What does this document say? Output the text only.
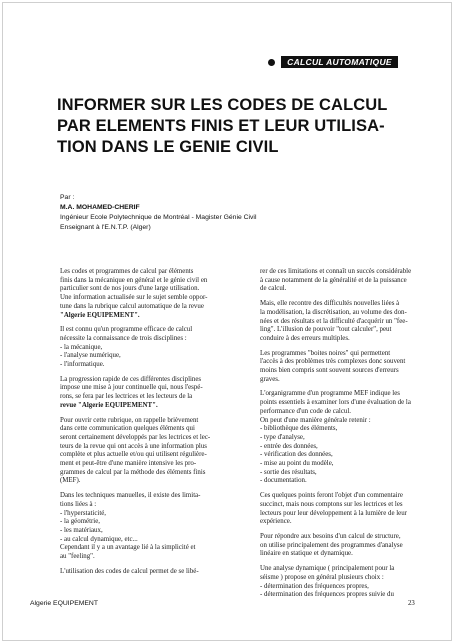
CALCUL AUTOMATIQUE
INFORMER SUR LES CODES DE CALCUL
PAR ELEMENTS FINIS ET LEUR UTILISA-
TION DANS LE GENIE CIVIL
Par :
M.A. MOHAMED-CHERIF
Ingénieur Ecole Polytechnique de Montréal - Magister Génie Civil
Enseignant à l'E.N.T.P. (Alger)

Les codes et programmes de calcul par éléments
finis dans la mécanique en général et le génie civil en
particulier sont de nos jours d'une large utilisation.
Une information actualisée sur le sujet semble oppor-
tune dans la rubrique calcul automatique de la revue
"Algerie EQUIPEMENT".

Il est connu qu'un programme efficace de calcul
nécessite la connaissance de trois disciplines :
- la mécanique,
- l'analyse numérique,
- l'informatique.

La progression rapide de ces différentes disciplines
impose une mise à jour continuelle qui, nous l'espé-
rons, se fera par les lectrices et les lecteurs de la
revue "Algerie EQUIPEMENT".

Pour ouvrir cette rubrique, on rappelle brièvement
dans cette communication quelques éléments qui
seront certainement développés par les lectrices et lec-
teurs de la revue qui ont accès à une information plus
complète et plus actuelle et/ou qui utilisent régulière-
ment et peut-être d'une manière intensive les pro-
grammes de calcul par la méthode des éléments finis
(MEF).

Dans les techniques manuelles, il existe des limita-
tions liées à :
- l'hyperstaticité,
- la géométrie,
- les matériaux,
- au calcul dynamique, etc...
Cependant il y a un avantage lié à la simplicité et
au "feeling".

L'utilisation des codes de calcul permet de se libé-

rer de ces limitations et connaît un succès considérable
à cause notamment de la généralité et de la puissance
de calcul.

Mais, elle recontre des difficultés nouvelles liées à
la modélisation, la discrétisation, au volume des don-
nées et des résultats et la difficulté d'acquérir un "fee-
ling". L'illusion de pouvoir "tout calculer", peut
conduire à des erreurs multiples.

Les programmes "boites noires" qui permettent
l'accès à des problèmes très complexes donc souvent
moins bien compris sont souvent sources d'erreurs
graves.

L'organigramme d'un programme MEF indique les
points essentiels à examiner lors d'une évaluation de la
performance d'un code de calcul.
On peut d'une manière générale retenir :
- bibliothèque des éléments,
- type d'analyse,
- entrée des données,
- vérification des données,
- mise au point du modèle,
- sortie des résultats,
- documentation.

Ces quelques points feront l'objet d'un commentaire
succinct, mais nous comptons sur les lectrices et les
lecteurs pour leur développement à la lumière de leur
expérience.

Pour répondre aux besoins d'un calcul de structure,
on utilise principalement des programmes d'analyse
linéaire en statique et dynamique.

Une analyse dynamique ( principalement pour la
séisme ) propose en général plusieurs choix :
- détermination des fréquences propres,
- détermination des fréquences propres suivie du

Algerie EQUIPEMENT	23
